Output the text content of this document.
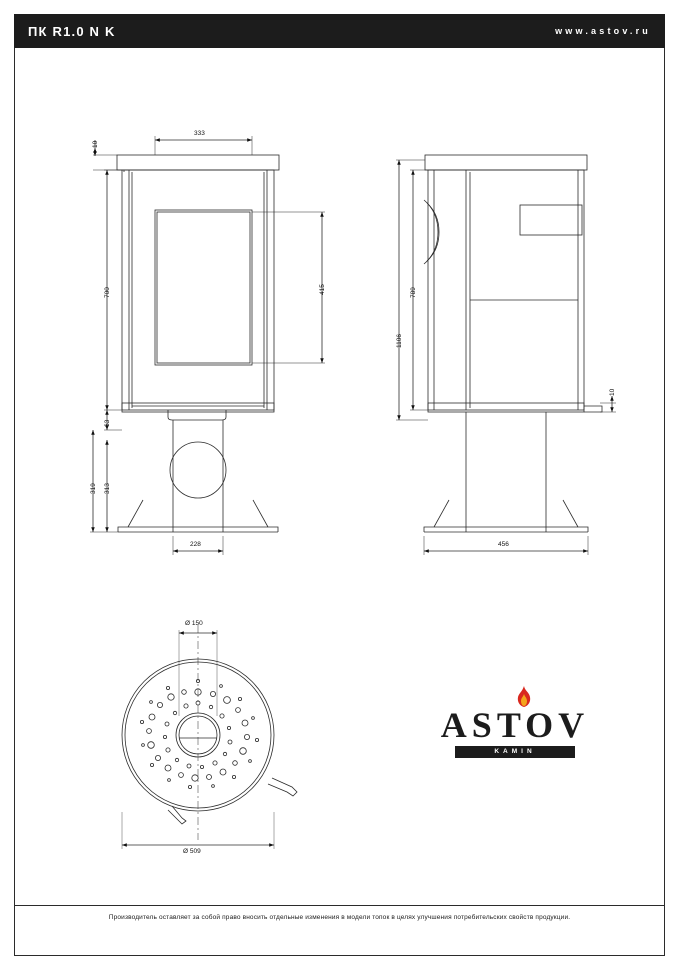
ПК R1.0 N K	www.astov.ru
Производитель оставляет за собой право вносить отдельные изменения в модели топок в целях улучшения потребительских свойств продукции.
10
333
700	415
63
319 313
228
789
1106
10
456
Ø 150
Ø 509
ASTOV
KAMIN
